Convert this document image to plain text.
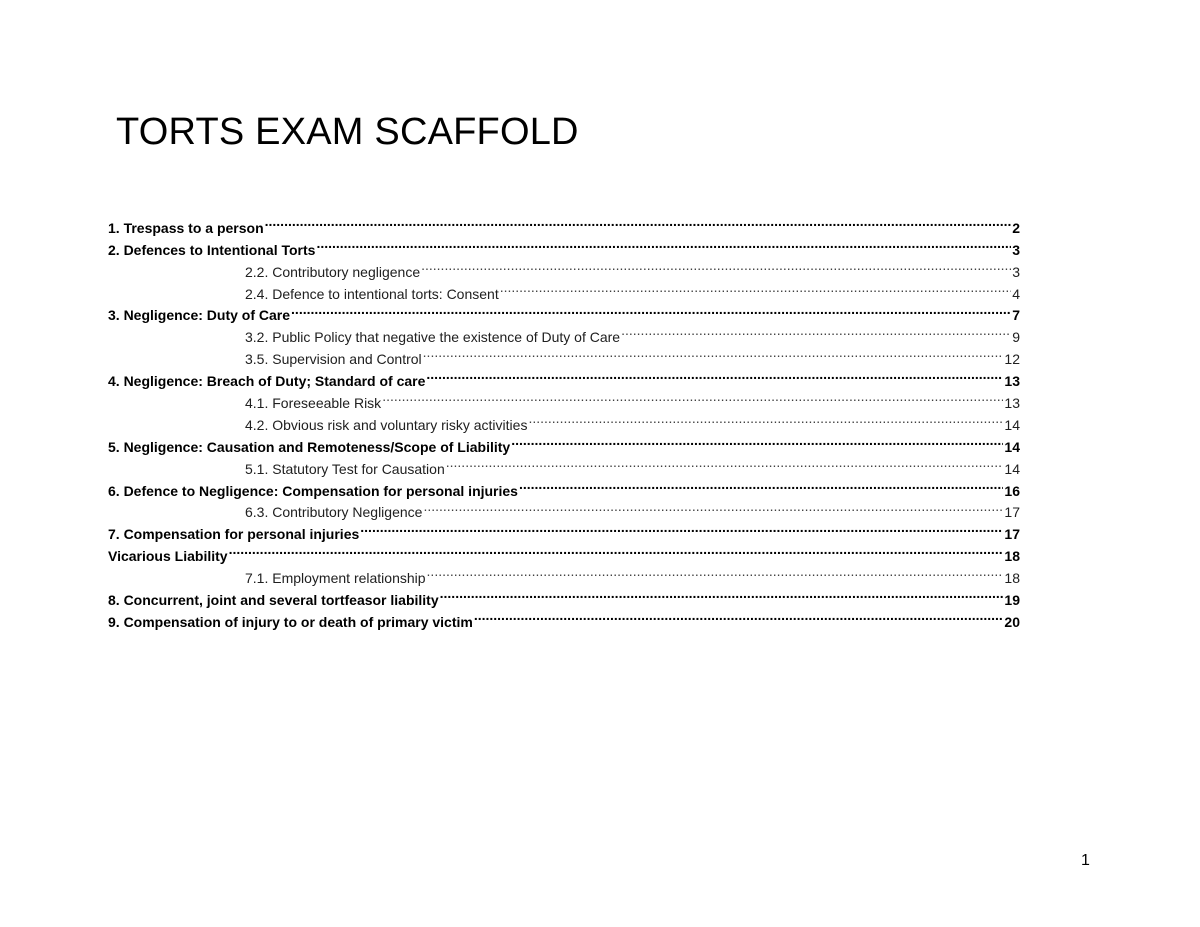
TORTS EXAM SCAFFOLD
1. Trespass to a person .....	2
2. Defences to Intentional Torts .....	3
2.2. Contributory negligence .....	3
2.4. Defence to intentional torts: Consent .....	4
3. Negligence: Duty of Care .....	7
3.2. Public Policy that negative the existence of Duty of Care .....	9
3.5. Supervision and Control .....	12
4. Negligence: Breach of Duty; Standard of care .....	13
4.1. Foreseeable Risk .....	13
4.2. Obvious risk and voluntary risky activities .....	14
5. Negligence: Causation and Remoteness/Scope of Liability .....	14
5.1. Statutory Test for Causation .....	14
6. Defence to Negligence: Compensation for personal injuries .....	16
6.3. Contributory Negligence .....	17
7. Compensation for personal injuries .....	17
Vicarious Liability .....	18
7.1. Employment relationship .....	18
8. Concurrent, joint and several tortfeasor liability .....	19
9. Compensation of injury to or death of primary victim .....	20
1
